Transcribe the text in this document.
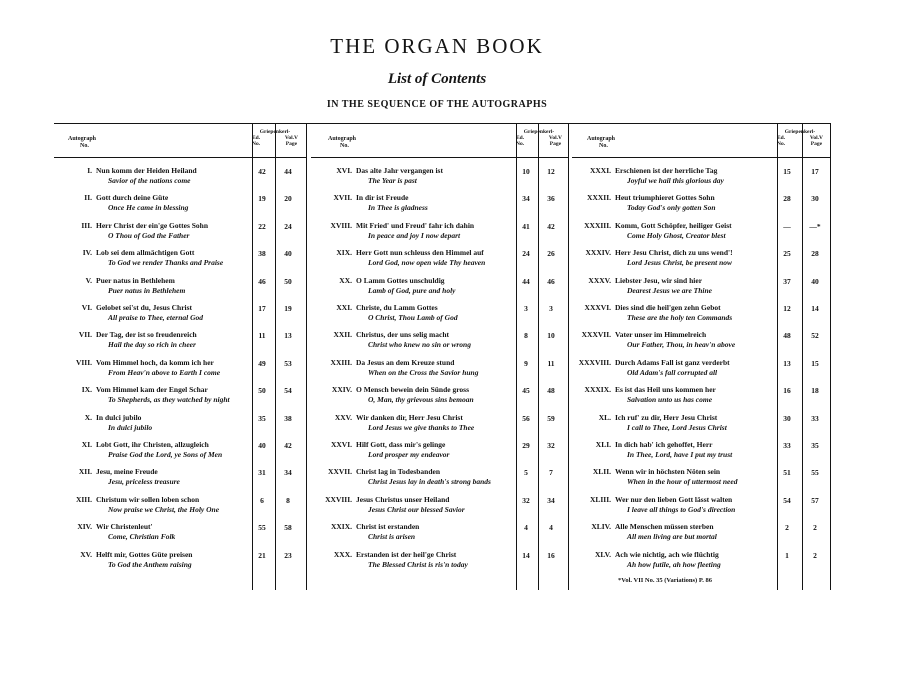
THE ORGAN BOOK
List of Contents
IN THE SEQUENCE OF THE AUTOGRAPHS
Autograph
No.
Griepenkerl-
Ed.
No.
Vol.V
Page
I. Nun komm der Heiden Heiland
Savior of the nations come
42	44
II. Gott durch deine Güte
Once He came in blessing
19	20
III. Herr Christ der ein'ge Gottes Sohn
O Thou of God the Father
22	24
IV. Lob sei dem allmächtigen Gott
To God we render Thanks and Praise
38	40
V. Puer natus in Bethlehem
Puer natus in Bethlehem
46	50
VI. Gelobet sei'st du, Jesus Christ
All praise to Thee, eternal God
17	19
VII. Der Tag, der ist so freudenreich
Hail the day so rich in cheer
11	13
VIII. Vom Himmel hoch, da komm ich her
From Heav'n above to Earth I come
49	53
IX. Vom Himmel kam der Engel Schar
To Shepherds, as they watched by night
50	54
X. In dulci jubilo
In dulci jubilo
35	38
XI. Lobt Gott, ihr Christen, allzugleich
Praise God the Lord, ye Sons of Men
40	42
XII. Jesu, meine Freude
Jesu, priceless treasure
31	34
XIII. Christum wir sollen loben schon
Now praise we Christ, the Holy One
6	8
XIV. Wir Christenleut'
Come, Christian Folk
55	58
XV. Helft mir, Gottes Güte preisen
To God the Anthem raising
21	23
Autograph
No.
Griepenkerl-
Ed.
No.
Vol.V
Page
XVI. Das alte Jahr vergangen ist
The Year is past
10	12
XVII. In dir ist Freude
In Thee is gladness
34	36
XVIII. Mit Fried' und Freud' fahr ich dahin
In peace and joy I now depart
41	42
XIX. Herr Gott nun schleuss den Himmel auf
Lord God, now open wide Thy heaven
24	26
XX. O Lamm Gottes unschuldig
Lamb of God, pure and holy
44	46
XXI. Christe, du Lamm Gottes
O Christ, Thou Lamb of God
3	3
XXII. Christus, der uns selig macht
Christ who knew no sin or wrong
8	10
XXIII. Da Jesus an dem Kreuze stund
When on the Cross the Savior hung
9	11
XXIV. O Mensch bewein dein Sünde gross
O, Man, thy grievous sins bemoan
45	48
XXV. Wir danken dir, Herr Jesu Christ
Lord Jesus we give thanks to Thee
56	59
XXVI. Hilf Gott, dass mir's gelinge
Lord prosper my endeavor
29	32
XXVII. Christ lag in Todesbanden
Christ Jesus lay in death's strong bands
5	7
XXVIII. Jesus Christus unser Heiland
Jesus Christ our blessed Savior
32	34
XXIX. Christ ist erstanden
Christ is arisen
4	4
XXX. Erstanden ist der heil'ge Christ
The Blessed Christ is ris'n today
14	16
Autograph
No.
Griepenkerl-
Ed.
No.
Vol.V
Page
XXXI. Erschienen ist der herrliche Tag
Joyful we hail this glorious day
15	17
XXXII. Heut triumphieret Gottes Sohn
Today God's only gotten Son
28	30
XXXIII. Komm, Gott Schöpfer, heiliger Geist
Come Holy Ghost, Creator blest
—	—*
XXXIV. Herr Jesu Christ, dich zu uns wend'!
Lord Jesus Christ, be present now
25	28
XXXV. Liebster Jesu, wir sind hier
Dearest Jesus we are Thine
37	40
XXXVI. Dies sind die heil'gen zehn Gebot
These are the holy ten Commands
12	14
XXXVII. Vater unser im Himmelreich
Our Father, Thou, in heav'n above
48	52
XXXVIII. Durch Adams Fall ist ganz verderbt
Old Adam's fall corrupted all
13	15
XXXIX. Es ist das Heil uns kommen her
Salvation unto us has come
16	18
XL. Ich ruf' zu dir, Herr Jesu Christ
I call to Thee, Lord Jesus Christ
30	33
XLI. In dich hab' ich gehoffet, Herr
In Thee, Lord, have I put my trust
33	35
XLII. Wenn wir in höchsten Nöten sein
When in the hour of uttermost need
51	55
XLIII. Wer nur den lieben Gott lässt walten
I leave all things to God's direction
54	57
XLIV. Alle Menschen müssen sterben
All men living are but mortal
2	2
XLV. Ach wie nichtig, ach wie flüchtig
Ah how futile, ah how fleeting
1	2
*Vol. VII No. 35 (Variations) P. 86
